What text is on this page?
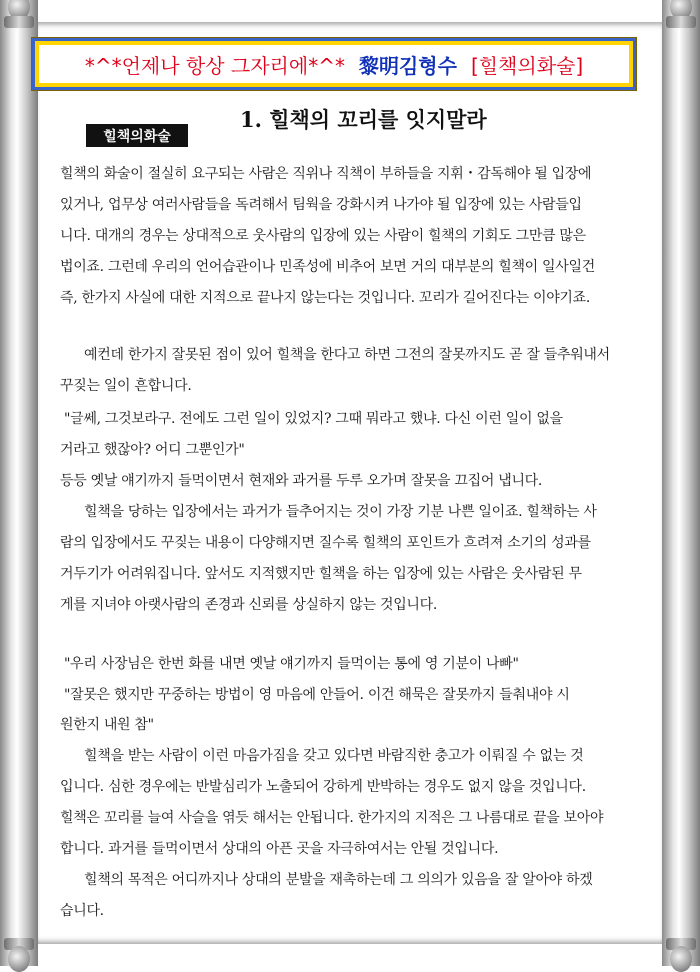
*^*언제나 항상 그자리에*^* 黎明김형수 [힐책의화술]
1. 힐책의 꼬리를 잇지말라
힐책의화술
힐책의 화술이 절실히 요구되는 사람은 직위나 직책이 부하들을 지휘・감독해야 될 입장에
있거나, 업무상 여러사람들을 독려해서 팀웍을 강화시켜 나가야 될 입장에 있는 사람들입
니다. 대개의 경우는 상대적으로 웃사람의 입장에 있는 사람이 힐책의 기회도 그만큼 많은
법이죠. 그런데 우리의 언어습관이나 민족성에 비추어 보면 거의 대부분의 힐책이 일사일건
즉, 한가지 사실에 대한 지적으로 끝나지 않는다는 것입니다. 꼬리가 길어진다는 이야기죠.
예컨데 한가지 잘못된 점이 있어 힐책을 한다고 하면 그전의 잘못까지도 곧 잘 들추워내서
꾸짖는 일이 흔합니다.
"글쎄, 그것보라구. 전에도 그런 일이 있었지? 그때 뭐라고 했냐. 다신 이런 일이 없을
거라고 했잖아? 어디 그뿐인가"
등등 옛날 얘기까지 들먹이면서 현재와 과거를 두루 오가며 잘못을 끄집어 냅니다.
힐책을 당하는 입장에서는 과거가 들추어지는 것이 가장 기분 나쁜 일이죠. 힐책하는 사
람의 입장에서도 꾸짖는 내용이 다양해지면 질수록 힐책의 포인트가 흐려져 소기의 성과를
거두기가 어려워집니다. 앞서도 지적했지만 힐책을 하는 입장에 있는 사람은 웃사람된 무
게를 지녀야 아랫사람의 존경과 신뢰를 상실하지 않는 것입니다.
"우리 사장님은 한번 화를 내면 옛날 얘기까지 들먹이는 통에 영 기분이 나빠"
"잘못은 했지만 꾸중하는 방법이 영 마음에 안들어. 이건 해묵은 잘못까지 들춰내야 시
원한지 내원 참"
힐책을 받는 사람이 이런 마음가짐을 갖고 있다면 바람직한 충고가 이뤄질 수 없는 것
입니다. 심한 경우에는 반발심리가 노출되어 강하게 반박하는 경우도 없지 않을 것입니다.
힐책은 꼬리를 늘여 사슬을 엮듯 해서는 안됩니다. 한가지의 지적은 그 나름대로 끝을 보아야
합니다. 과거를 들먹이면서 상대의 아픈 곳을 자극하여서는 안될 것입니다.
힐책의 목적은 어디까지나 상대의 분발을 재촉하는데 그 의의가 있음을 잘 알아야 하겠
습니다.
